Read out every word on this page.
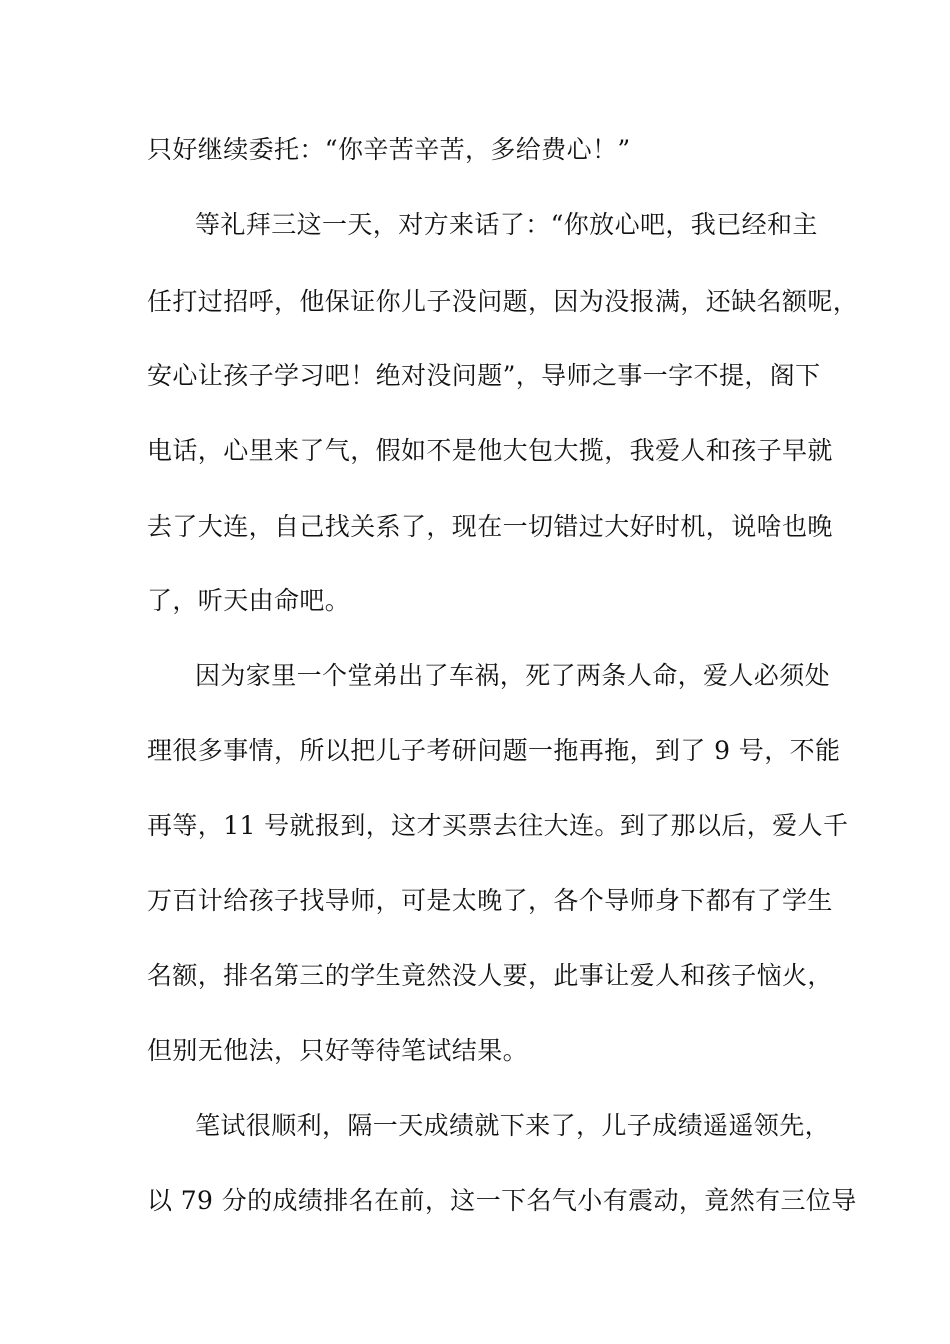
只好继续委托：“你辛苦辛苦，多给费心！”
等礼拜三这一天，对方来话了：“你放心吧，我已经和主
任打过招呼，他保证你儿子没问题，因为没报满，还缺名额呢，
安心让孩子学习吧！绝对没问题”，导师之事一字不提，阁下
电话，心里来了气，假如不是他大包大揽，我爱人和孩子早就
去了大连，自己找关系了，现在一切错过大好时机，说啥也晚
了，听天由命吧。
因为家里一个堂弟出了车祸，死了两条人命，爱人必须处
理很多事情，所以把儿子考研问题一拖再拖，到了 9 号，不能
再等，11 号就报到，这才买票去往大连。到了那以后，爱人千
万百计给孩子找导师，可是太晚了，各个导师身下都有了学生
名额，排名第三的学生竟然没人要，此事让爱人和孩子恼火，
但别无他法，只好等待笔试结果。
笔试很顺利，隔一天成绩就下来了，儿子成绩遥遥领先，
以 79 分的成绩排名在前，这一下名气小有震动，竟然有三位导
